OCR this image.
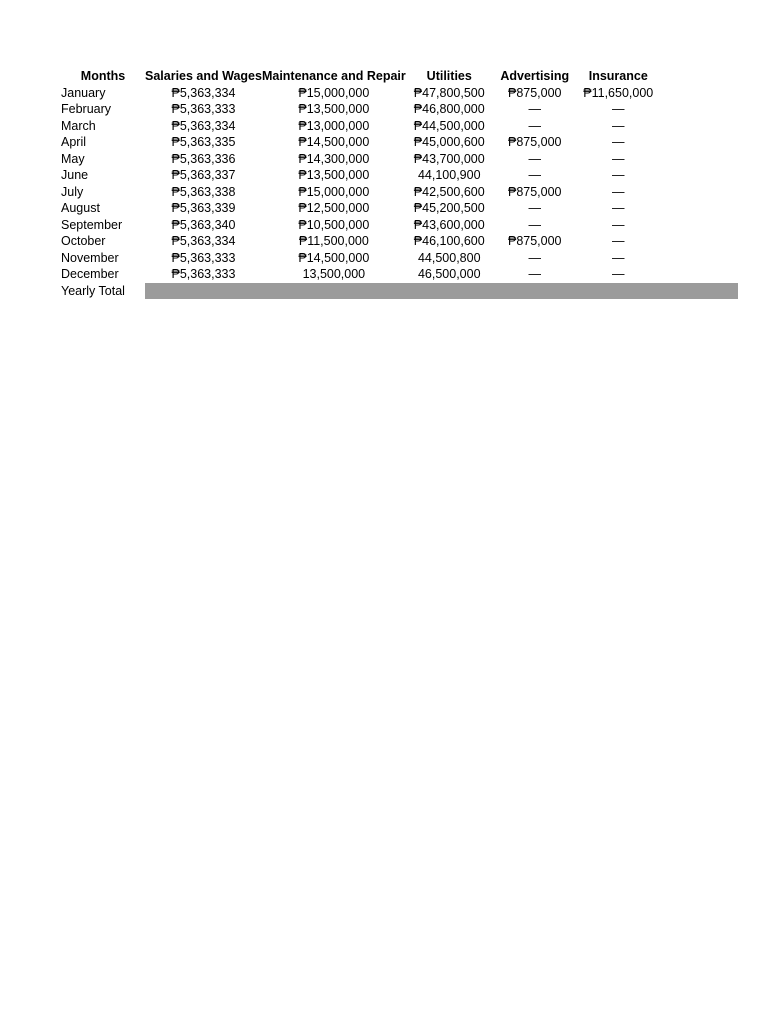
Months	Salaries and Wages	Maintenance and Repair	Utilities	Advertising	Insurance	
January	₱5,363,334	₱15,000,000	₱47,800,500	₱875,000	₱11,650,000	
February	₱5,363,333	₱13,500,000	₱46,800,000	—	—	
March	₱5,363,334	₱13,000,000	₱44,500,000	—	—	
April	₱5,363,335	₱14,500,000	₱45,000,600	₱875,000	—	
May	₱5,363,336	₱14,300,000	₱43,700,000	—	—	
June	₱5,363,337	₱13,500,000	44,100,900	—	—	
July	₱5,363,338	₱15,000,000	₱42,500,600	₱875,000	—	
August	₱5,363,339	₱12,500,000	₱45,200,500	—	—	
September	₱5,363,340	₱10,500,000	₱43,600,000	—	—	
October	₱5,363,334	₱11,500,000	₱46,100,600	₱875,000	—	
November	₱5,363,333	₱14,500,000	44,500,800	—	—	
December	₱5,363,333	13,500,000	46,500,000	—	—	
Yearly Total						
